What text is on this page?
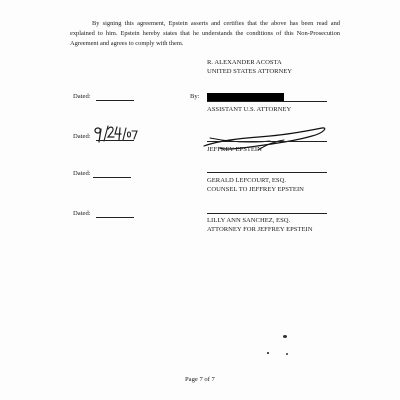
By signing this agreement, Epstein asserts and certifies that the above has been read and explained to him. Epstein hereby states that he understands the conditions of this Non-Prosecution Agreement and agrees to comply with them.

R. ALEXANDER ACOSTA
UNITED STATES ATTORNEY
Dated:	By:
ASSISTANT U.S. ATTORNEY
Dated:
JEFFREY EPSTEIN
Dated:
GERALD LEFCOURT, ESQ.
COUNSEL TO JEFFREY EPSTEIN
Dated:
LILLY ANN SANCHEZ, ESQ.
ATTORNEY FOR JEFFREY EPSTEIN
Page 7 of 7
